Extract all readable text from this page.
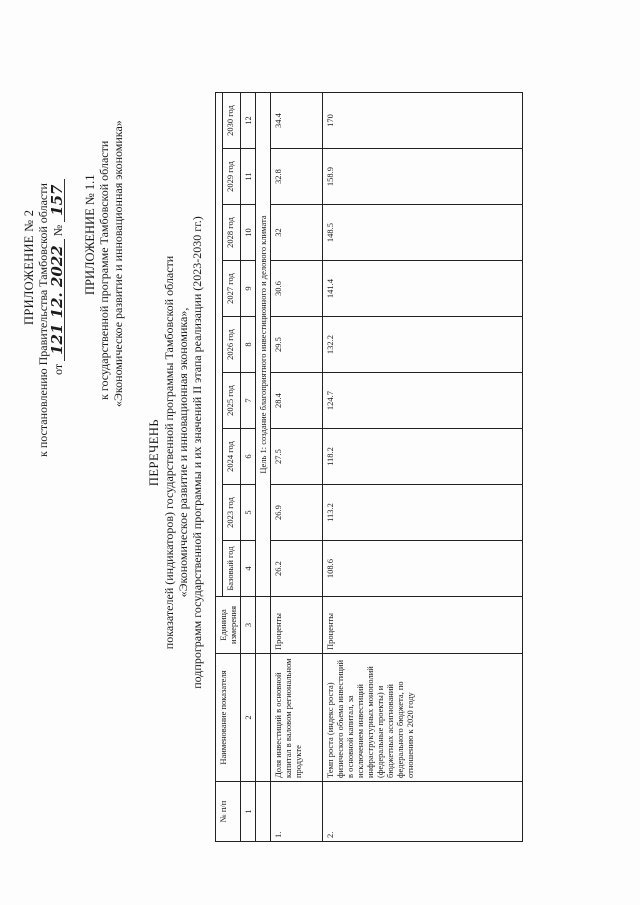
ПРИЛОЖЕНИЕ № 2 к постановлению Правительства Тамбовской области от 121 12. 2022 № 157 ПРИЛОЖЕНИЕ № 1.1 к государственной программе Тамбовской области «Экономическое развитие и инновационная экономика»
ПЕРЕЧЕНЬ показателей (индикаторов) государственной программы Тамбовской области «Экономическое развитие и инновационная экономика», подпрограмм государственной программы и их значений II этапа реализации (2023-2030 гг.)
№ п/п	Наименование показателя	Единица измерения									
			Базовый год	2023 год	2024 год	2025 год	2026 год	2027 год	2028 год	2029 год	2030 год
1	2	3	4	5	6	7	8	9	10	11	12
			Цель 1: создание благоприятного инвестиционного и делового климата								
1.	Доля инвестиций в основной капитал в валовом региональном продукте	Проценты	26.2	26.9	27.5	28.4	29.5	30.6	32	32.8	34.4
2.	Темп роста (индекс роста) физического объема инвестиций в основной капитал, за исключением инвестиций инфраструктурных монополий (федеральные проекты) и бюджетных ассигнований федерального бюджета, по отношению к 2020 году	Проценты	108.6	113.2	118.2	124.7	132.2	141.4	148.5	158.9	170
